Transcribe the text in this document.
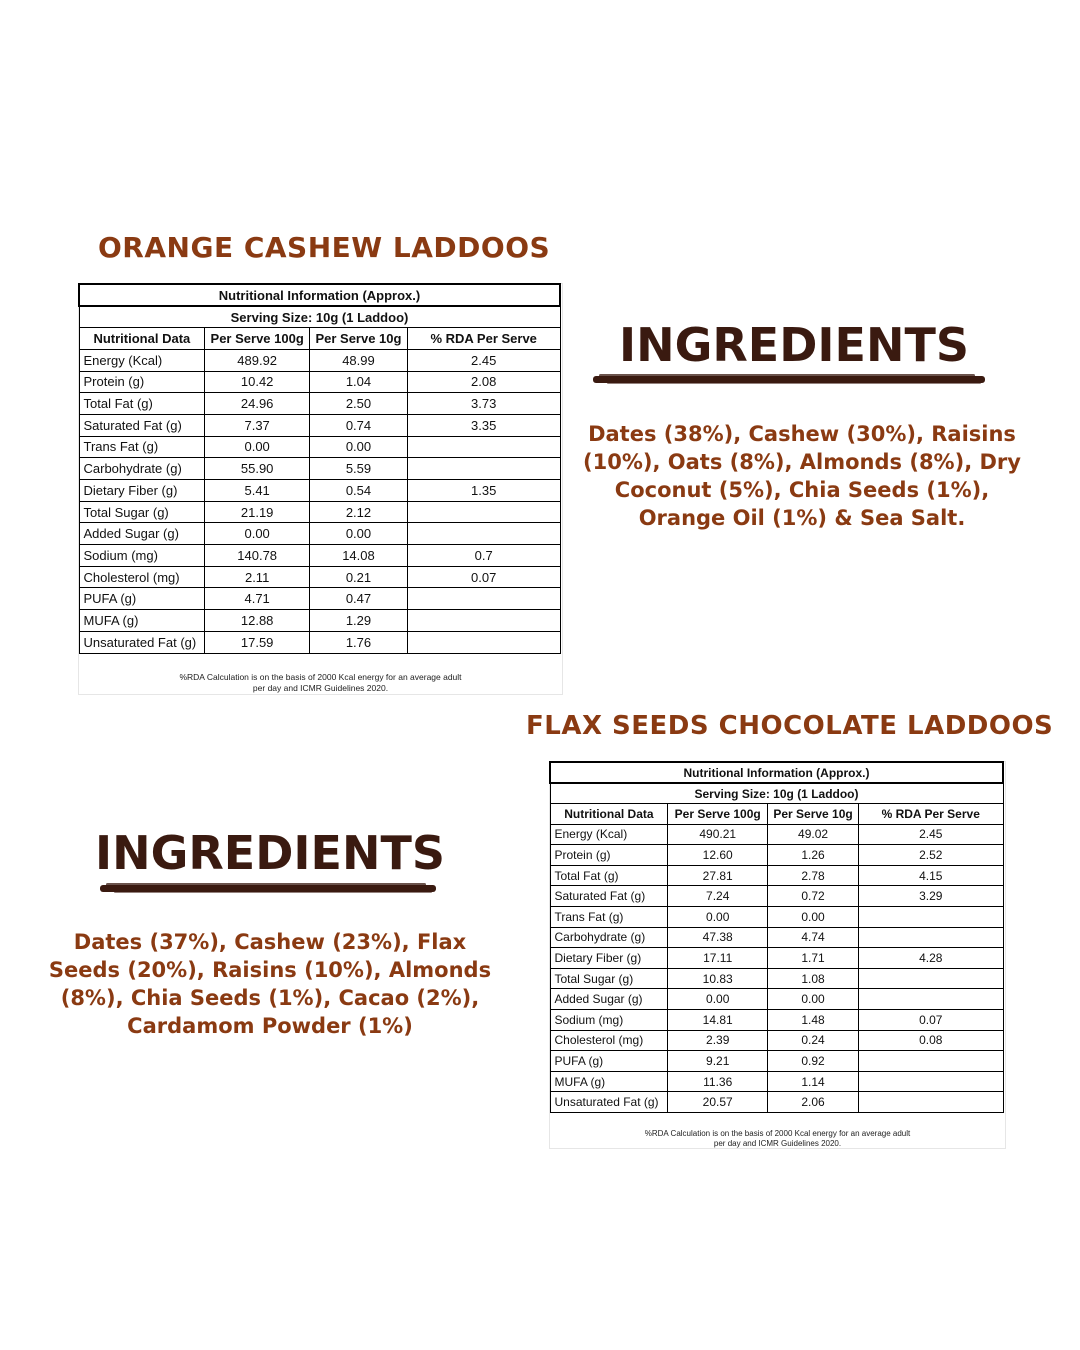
ORANGE CASHEW LADDOOS
Nutritional Information (Approx.)			
Serving Size: 10g (1 Laddoo)			
Nutritional Data	Per Serve 100g	Per Serve 10g	% RDA Per Serve
Energy (Kcal)	489.92	48.99	2.45
Protein (g)	10.42	1.04	2.08
Total Fat (g)	24.96	2.50	3.73
Saturated Fat (g)	7.37	0.74	3.35
Trans Fat (g)	0.00	0.00	
Carbohydrate (g)	55.90	5.59	
Dietary Fiber (g)	5.41	0.54	1.35
Total Sugar (g)	21.19	2.12	
Added Sugar (g)	0.00	0.00	
Sodium (mg)	140.78	14.08	0.7
Cholesterol (mg)	2.11	0.21	0.07
PUFA (g)	4.71	0.47	
MUFA (g)	12.88	1.29	
Unsaturated Fat (g)	17.59	1.76	
%RDA Calculation is on the basis of 2000 Kcal energy for an average adult
per day and ICMR Guidelines 2020.
INGREDIENTS
Dates (38%), Cashew (30%), Raisins
(10%), Oats (8%), Almonds (8%), Dry
Coconut (5%), Chia Seeds (1%),
Orange Oil (1%) & Sea Salt.
FLAX SEEDS CHOCOLATE LADDOOS
INGREDIENTS
Dates (37%), Cashew (23%), Flax
Seeds (20%), Raisins (10%), Almonds
(8%), Chia Seeds (1%), Cacao (2%),
Cardamom Powder (1%)
Nutritional Information (Approx.)			
Serving Size: 10g (1 Laddoo)			
Nutritional Data	Per Serve 100g	Per Serve 10g	% RDA Per Serve
Energy (Kcal)	490.21	49.02	2.45
Protein (g)	12.60	1.26	2.52
Total Fat (g)	27.81	2.78	4.15
Saturated Fat (g)	7.24	0.72	3.29
Trans Fat (g)	0.00	0.00	
Carbohydrate (g)	47.38	4.74	
Dietary Fiber (g)	17.11	1.71	4.28
Total Sugar (g)	10.83	1.08	
Added Sugar (g)	0.00	0.00	
Sodium (mg)	14.81	1.48	0.07
Cholesterol (mg)	2.39	0.24	0.08
PUFA (g)	9.21	0.92	
MUFA (g)	11.36	1.14	
Unsaturated Fat (g)	20.57	2.06	
%RDA Calculation is on the basis of 2000 Kcal energy for an average adult
per day and ICMR Guidelines 2020.
